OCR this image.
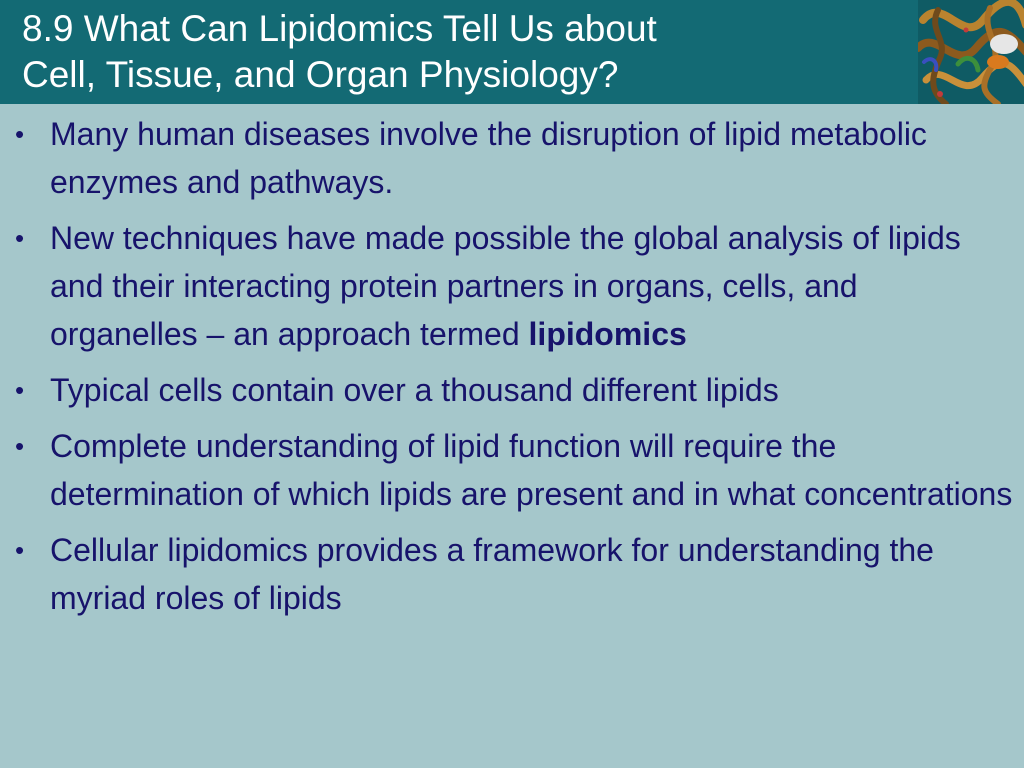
8.9 What Can Lipidomics Tell Us about
Cell, Tissue, and Organ Physiology?
• Many human diseases involve the disruption of lipid metabolic enzymes and pathways.
• New techniques have made possible the global analysis of lipids and their interacting protein partners in organs, cells, and organelles – an approach termed lipidomics
• Typical cells contain over a thousand different lipids
• Complete understanding of lipid function will require the determination of which lipids are present and in what concentrations
• Cellular lipidomics provides a framework for understanding the myriad roles of lipids
